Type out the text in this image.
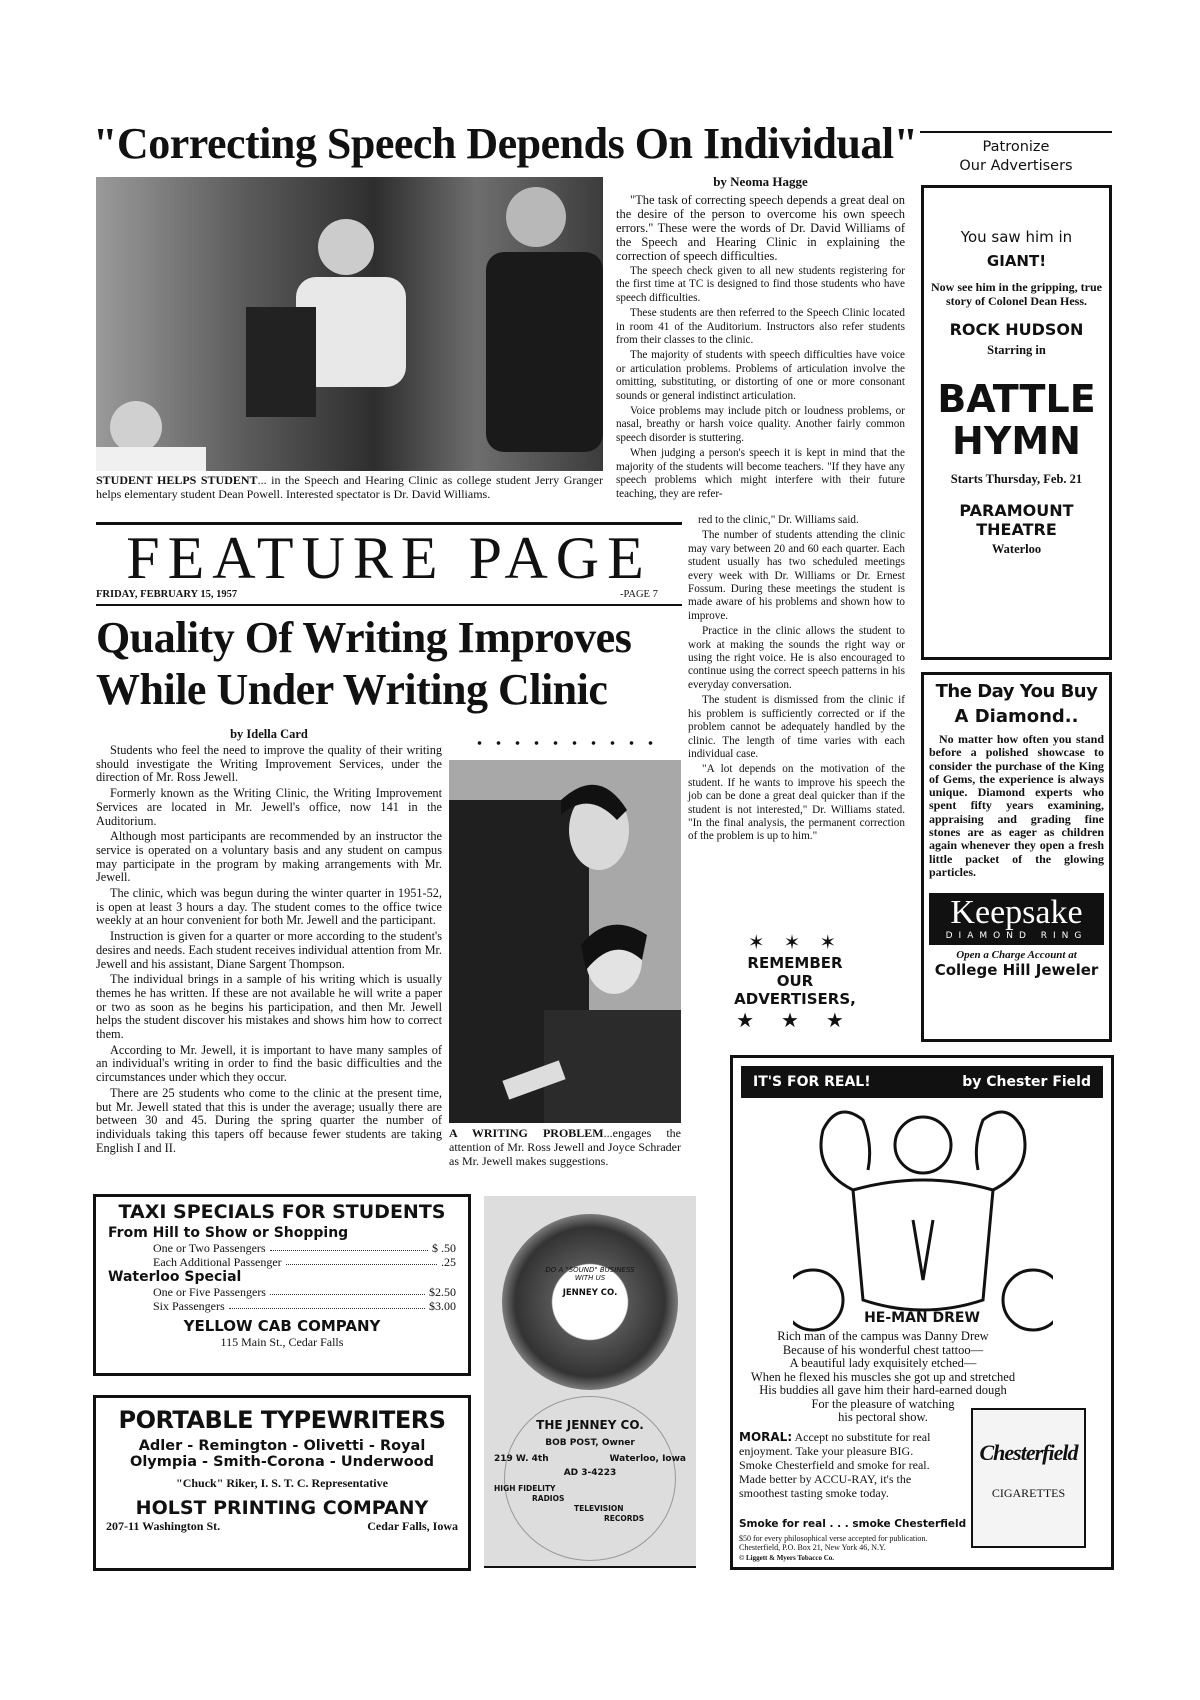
"Correcting Speech Depends On Individual"
STUDENT HELPS STUDENT... in the Speech and Hearing Clinic as college student Jerry Granger helps elementary student Dean Powell. Interested spectator is Dr. David Williams.
by Neoma Hagge

"The task of correcting speech depends a great deal on the desire of the person to overcome his own speech errors." These were the words of Dr. David Williams of the Speech and Hearing Clinic in explaining the correction of speech difficulties.

The speech check given to all new students registering for the first time at TC is designed to find those students who have speech difficulties.

These students are then referred to the Speech Clinic located in room 41 of the Auditorium. Instructors also refer students from their classes to the clinic.

The majority of students with speech difficulties have voice or articulation problems. Problems of articulation involve the omitting, substituting, or distorting of one or more consonant sounds or general indistinct articulation.

Voice problems may include pitch or loudness problems, or nasal, breathy or harsh voice quality. Another fairly common speech disorder is stuttering.

When judging a person's speech it is kept in mind that the majority of the students will become teachers. "If they have any speech problems which might interfere with their future teaching, they are refer-

FEATURE PAGE
FRIDAY, FEBRUARY 15, 1957	-PAGE 7

red to the clinic," Dr. Williams said.

The number of students attending the clinic may vary between 20 and 60 each quarter. Each student usually has two scheduled meetings every week with Dr. Williams or Dr. Ernest Fossum. During these meetings the student is made aware of his problems and shown how to improve.

Practice in the clinic allows the student to work at making the sounds the right way or using the right voice. He is also encouraged to continue using the correct speech patterns in his everyday conversation.

The student is dismissed from the clinic if his problem is sufficiently corrected or if the problem cannot be adequately handled by the clinic. The length of time varies with each individual case.

"A lot depends on the motivation of the student. If he wants to improve his speech the job can be done a great deal quicker than if the student is not interested," Dr. Williams stated. "In the final analysis, the permanent correction of the problem is up to him."

✶ ✶ ✶
REMEMBER
OUR
ADVERTISERS,
★ ★ ★
Quality Of Writing Improves While Under Writing Clinic
by Idella Card

Students who feel the need to improve the quality of their writing should investigate the Writing Improvement Services, under the direction of Mr. Ross Jewell.

Formerly known as the Writing Clinic, the Writing Improvement Services are located in Mr. Jewell's office, now 141 in the Auditorium.

Although most participants are recommended by an instructor the service is operated on a voluntary basis and any student on campus may participate in the program by making arrangements with Mr. Jewell.

The clinic, which was begun during the winter quarter in 1951-52, is open at least 3 hours a day. The student comes to the office twice weekly at an hour convenient for both Mr. Jewell and the participant.

Instruction is given for a quarter or more according to the student's desires and needs. Each student receives individual attention from Mr. Jewell and his assistant, Diane Sargent Thompson.

The individual brings in a sample of his writing which is usually themes he has written. If these are not available he will write a paper or two as soon as he begins his participation, and then Mr. Jewell helps the student discover his mistakes and shows him how to correct them.

According to Mr. Jewell, it is important to have many samples of an individual's writing in order to find the basic difficulties and the circumstances under which they occur.

There are 25 students who come to the clinic at the present time, but Mr. Jewell stated that this is under the average; usually there are between 30 and 45. During the spring quarter the number of individuals taking this tapers off because fewer students are taking English I and II.

A WRITING PROBLEM...engages the attention of Mr. Ross Jewell and Joyce Schrader as Mr. Jewell makes suggestions.
Patronize
Our Advertisers
You saw him in
GIANT!
Now see him in the gripping, true story of Colonel Dean Hess.
ROCK HUDSON
Starring in
BATTLE
HYMN
Starts Thursday, Feb. 21
PARAMOUNT
THEATRE
Waterloo
The Day You Buy
A Diamond..
No matter how often you stand before a polished showcase to consider the purchase of the King of Gems, the experience is always unique. Diamond experts who spent fifty years examining, appraising and grading fine stones are as eager as children again whenever they open a fresh little packet of the glowing particles.
Keepsake
DIAMOND RING
Open a Charge Account at
College Hill Jeweler
IT'S FOR REAL!	by Chester Field
HE-MAN DREW
Rich man of the campus was Danny Drew
Because of his wonderful chest tattoo—
A beautiful lady exquisitely etched—
When he flexed his muscles she got up and stretched
His buddies all gave him their hard-earned dough
For the pleasure of watching
his pectoral show.
MORAL: Accept no substitute for real enjoyment. Take your pleasure BIG. Smoke Chesterfield and smoke for real. Made better by ACCU-RAY, it's the smoothest tasting smoke today.
Smoke for real . . . smoke Chesterfield
$50 for every philosophical verse accepted for publication. Chesterfield, P.O. Box 21, New York 46, N.Y.
© Liggett & Myers Tobacco Co.
Chesterfield
CIGARETTES
TAXI SPECIALS FOR STUDENTS
From Hill to Show or Shopping
One or Two Passengers	$ .50
Each Additional Passenger	.25
Waterloo Special
One or Five Passengers	$2.50
Six Passengers	$3.00
YELLOW CAB COMPANY
115 Main St., Cedar Falls
PORTABLE TYPEWRITERS
Adler - Remington - Olivetti - Royal
Olympia - Smith-Corona - Underwood
"Chuck" Riker, I. S. T. C. Representative
HOLST PRINTING COMPANY
207-11 Washington St.	Cedar Falls, Iowa
DO A "SOUND" BUSINESS WITH US
JENNEY CO.
THE JENNEY CO.
BOB POST, Owner
219 W. 4th	Waterloo, Iowa
AD 3-4223
HIGH FIDELITY
RADIOS
TELEVISION
RECORDS
